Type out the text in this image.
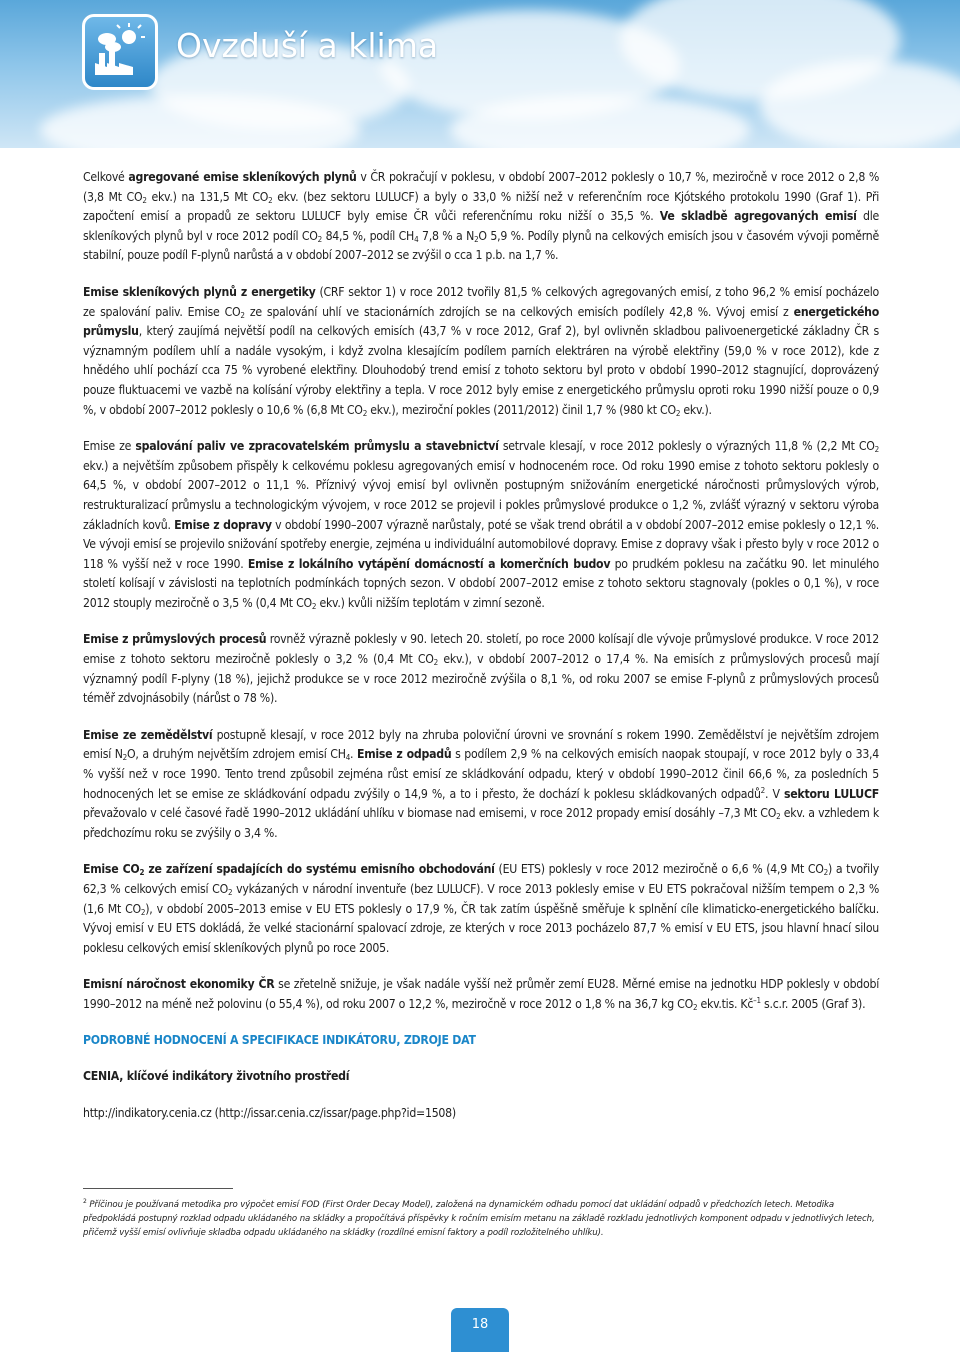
Ovzduší a klima

Celkové agregované emise skleníkových plynů v ČR pokračují v poklesu, v období 2007–2012 poklesly o 10,7 %, meziročně v roce 2012 o 2,8 % (3,8 Mt $CO_2$ ekv.) na 131,5 Mt $CO_2$ ekv. (bez sektoru LULUCF) a byly o 33,0 % nižší než v referenčním roce Kjótského protokolu 1990 (Graf 1). Při započtení emisí a propadů ze sektoru LULUCF byly emise ČR vůči referenčnímu roku nižší o 35,5 %. Ve skladbě agregovaných emisí dle skleníkových plynů byl v roce 2012 podíl $CO_2$ 84,5 %, podíl $CH_4$ 7,8 % a $N_2O$ 5,9 %. Podíly plynů na celkových emisích jsou v časovém vývoji poměrně stabilní, pouze podíl F-plynů narůstá a v období 2007–2012 se zvýšil o cca 1 p.b. na 1,7 %.

Emise skleníkových plynů z energetiky (CRF sektor 1) v roce 2012 tvořily 81,5 % celkových agregovaných emisí, z toho 96,2 % emisí pocházelo ze spalování paliv. Emise $CO_2$ ze spalování uhlí ve stacionárních zdrojích se na celkových emisích podílely 42,8 %. Vývoj emisí z energetického průmyslu, který zaujímá největší podíl na celkových emisích (43,7 % v roce 2012, Graf 2), byl ovlivněn skladbou palivoenergetické základny ČR s významným podílem uhlí a nadále vysokým, i když zvolna klesajícím podílem parních elektráren na výrobě elektřiny (59,0 % v roce 2012), kde z hnědého uhlí pochází cca 75 % vyrobené elektřiny. Dlouhodobý trend emisí z tohoto sektoru byl proto v období 1990–2012 stagnující, doprovázený pouze fluktuacemi ve vazbě na kolísání výroby elektřiny a tepla. V roce 2012 byly emise z energetického průmyslu oproti roku 1990 nižší pouze o 0,9 %, v období 2007–2012 poklesly o 10,6 % (6,8 Mt $CO_2$ ekv.), meziroční pokles (2011/2012) činil 1,7 % (980 kt $CO_2$ ekv.).

Emise ze spalování paliv ve zpracovatelském průmyslu a stavebnictví setrvale klesají, v roce 2012 poklesly o výrazných 11,8 % (2,2 Mt $CO_2$ ekv.) a největším způsobem přispěly k celkovému poklesu agregovaných emisí v hodnoceném roce. Od roku 1990 emise z tohoto sektoru poklesly o 64,5 %, v období 2007–2012 o 11,1 %. Příznivý vývoj emisí byl ovlivněn postupným snižováním energetické náročnosti průmyslových výrob, restrukturalizací průmyslu a technologickým vývojem, v roce 2012 se projevil i pokles průmyslové produkce o 1,2 %, zvlášť výrazný v sektoru výroba základních kovů. Emise z dopravy v období 1990–2007 výrazně narůstaly, poté se však trend obrátil a v období 2007–2012 emise poklesly o 12,1 %. Ve vývoji emisí se projevilo snižování spotřeby energie, zejména u individuální automobilové dopravy. Emise z dopravy však i přesto byly v roce 2012 o 118 % vyšší než v roce 1990. Emise z lokálního vytápění domácností a komerčních budov po prudkém poklesu na začátku 90. let minulého století kolísají v závislosti na teplotních podmínkách topných sezon. V období 2007–2012 emise z tohoto sektoru stagnovaly (pokles o 0,1 %), v roce 2012 stouply meziročně o 3,5 % (0,4 Mt $CO_2$ ekv.) kvůli nižším teplotám v zimní sezoně.

Emise z průmyslových procesů rovněž výrazně poklesly v 90. letech 20. století, po roce 2000 kolísají dle vývoje průmyslové produkce. V roce 2012 emise z tohoto sektoru meziročně poklesly o 3,2 % (0,4 Mt $CO_2$ ekv.), v období 2007–2012 o 17,4 %. Na emisích z průmyslových procesů mají významný podíl F-plyny (18 %), jejichž produkce se v roce 2012 meziročně zvýšila o 8,1 %, od roku 2007 se emise F-plynů z průmyslových procesů téměř zdvojnásobily (nárůst o 78 %).

Emise ze zemědělství postupně klesají, v roce 2012 byly na zhruba poloviční úrovni ve srovnání s rokem 1990. Zemědělství je největším zdrojem emisí $N_2O$, a druhým největším zdrojem emisí $CH_4$. Emise z odpadů s podílem 2,9 % na celkových emisích naopak stoupají, v roce 2012 byly o 33,4 % vyšší než v roce 1990. Tento trend způsobil zejména růst emisí ze skládkování odpadu, který v období 1990–2012 činil 66,6 %, za posledních 5 hodnocených let se emise ze skládkování odpadu zvýšily o 14,9 %, a to i přesto, že dochází k poklesu skládkovaných odpadů$^2$. V sektoru LULUCF převažovalo v celé časové řadě 1990–2012 ukládání uhlíku v biomase nad emisemi, v roce 2012 propady emisí dosáhly –7,3 Mt $CO_2$ ekv. a vzhledem k předchozímu roku se zvýšily o 3,4 %.

Emise $CO_2$ ze zařízení spadajících do systému emisního obchodování (EU ETS) poklesly v roce 2012 meziročně o 6,6 % (4,9 Mt $CO_2$) a tvořily 62,3 % celkových emisí $CO_2$ vykázaných v národní inventuře (bez LULUCF). V roce 2013 poklesly emise v EU ETS pokračoval nižším tempem o 2,3 % (1,6 Mt $CO_2$), v období 2005–2013 emise v EU ETS poklesly o 17,9 %, ČR tak zatím úspěšně směřuje k splnění cíle klimaticko-energetického balíčku. Vývoj emisí v EU ETS dokládá, že velké stacionární spalovací zdroje, ze kterých v roce 2013 pocházelo 87,7 % emisí v EU ETS, jsou hlavní hnací silou poklesu celkových emisí skleníkových plynů po roce 2005.

Emisní náročnost ekonomiky ČR se zřetelně snižuje, je však nadále vyšší než průměr zemí EU28. Měrné emise na jednotku HDP poklesly v období 1990–2012 na méně než polovinu (o 55,4 %), od roku 2007 o 12,2 %, meziročně v roce 2012 o 1,8 % na 36,7 kg $CO_2$ ekv.tis. $Kč^{-1}$ s.c.r. 2005 (Graf 3).

PODROBNÉ HODNOCENÍ A SPECIFIKACE INDIKÁTORU, ZDROJE DAT

CENIA, klíčové indikátory životního prostředí

http://indikatory.cenia.cz (http://issar.cenia.cz/issar/page.php?id=1508)

$^2$ Příčinou je používaná metodika pro výpočet emisí FOD (First Order Decay Model), založená na dynamickém odhadu pomocí dat ukládání odpadů v předchozích letech. Metodika předpokládá postupný rozklad odpadu ukládaného na skládky a propočítává příspěvky k ročním emisím metanu na základě rozkladu jednotlivých komponent odpadu v jednotlivých letech, přičemž vyšší emisí ovlivňuje skladba odpadu ukládaného na skládky (rozdílné emisní faktory a podíl rozložitelného uhlíku).
18
